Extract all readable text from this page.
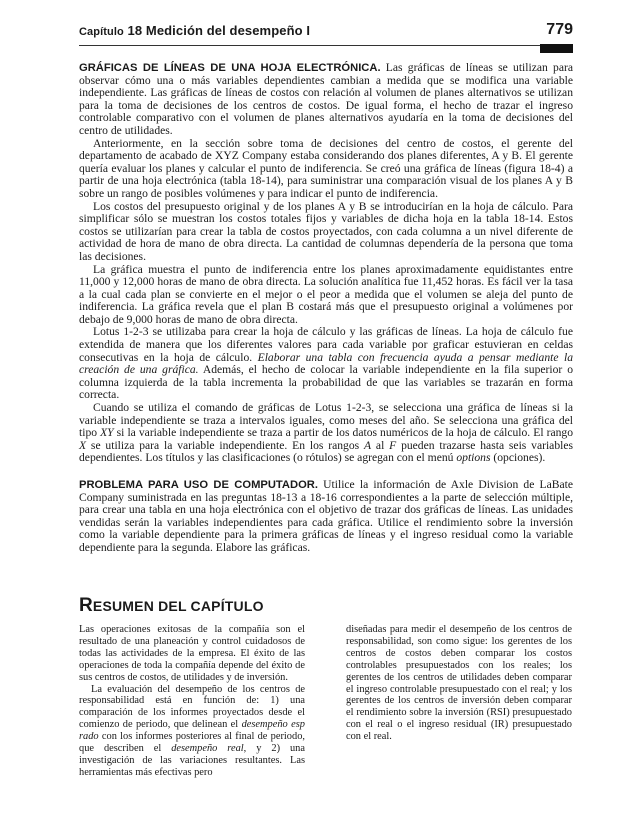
Capítulo 18 Medición del desempeño I	779

GRÁFICAS DE LÍNEAS DE UNA HOJA ELECTRÓNICA. Las gráficas de líneas se utilizan para observar cómo una o más variables dependientes cambian a medida que se modifica una variable independiente. Las gráficas de líneas de costos con relación al volumen de planes alternativos se utilizan para la toma de decisiones de los centros de costos. De igual forma, el hecho de trazar el ingreso controlable comparativo con el volumen de planes alternativos ayudaría en la toma de decisiones del centro de utilidades.

Anteriormente, en la sección sobre toma de decisiones del centro de costos, el gerente del departamento de acabado de XYZ Company estaba considerando dos planes diferentes, A y B. El gerente quería evaluar los planes y calcular el punto de indiferencia. Se creó una gráfica de líneas (figura 18-4) a partir de una hoja electrónica (tabla 18-14), para suministrar una comparación visual de los planes A y B sobre un rango de posibles volúmenes y para indicar el punto de indiferencia.

Los costos del presupuesto original y de los planes A y B se introducirían en la hoja de cálculo. Para simplificar sólo se muestran los costos totales fijos y variables de dicha hoja en la tabla 18-14. Estos costos se utilizarían para crear la tabla de costos proyectados, con cada columna a un nivel diferente de actividad de hora de mano de obra directa. La cantidad de columnas dependería de la persona que toma las decisiones.

La gráfica muestra el punto de indiferencia entre los planes aproximadamente equidistantes entre 11,000 y 12,000 horas de mano de obra directa. La solución analítica fue 11,452 horas. Es fácil ver la tasa a la cual cada plan se convierte en el mejor o el peor a medida que el volumen se aleja del punto de indiferencia. La gráfica revela que el plan B costará más que el presupuesto original a volúmenes por debajo de 9,000 horas de mano de obra directa.

Lotus 1-2-3 se utilizaba para crear la hoja de cálculo y las gráficas de líneas. La hoja de cálculo fue extendida de manera que los diferentes valores para cada variable por graficar estuvieran en celdas consecutivas en la hoja de cálculo. Elaborar una tabla con frecuencia ayuda a pensar mediante la creación de una gráfica. Además, el hecho de colocar la variable independiente en la fila superior o columna izquierda de la tabla incrementa la probabilidad de que las variables se trazarán en forma correcta.

Cuando se utiliza el comando de gráficas de Lotus 1-2-3, se selecciona una gráfica de líneas si la variable independiente se traza a intervalos iguales, como meses del año. Se selecciona una gráfica del tipo XY si la variable independiente se traza a partir de los datos numéricos de la hoja de cálculo. El rango X se utiliza para la variable independiente. En los rangos A al F pueden trazarse hasta seis variables dependientes. Los títulos y las clasificaciones (o rótulos) se agregan con el menú options (opciones).

PROBLEMA PARA USO DE COMPUTADOR. Utilice la información de Axle Division de LaBate Company suministrada en las preguntas 18-13 a 18-16 correspondientes a la parte de selección múltiple, para crear una tabla en una hoja electrónica con el objetivo de trazar dos gráficas de líneas. Las unidades vendidas serán la variables independientes para cada gráfica. Utilice el rendimiento sobre la inversión como la variable dependiente para la primera gráficas de líneas y el ingreso residual como la variable dependiente para la segunda. Elabore las gráficas.

RESUMEN DEL CAPÍTULO

Las operaciones exitosas de la compañía son el resultado de una planeación y control cuidadosos de todas las actividades de la empresa. El éxito de las operaciones de toda la compañía depende del éxito de sus centros de costos, de utilidades y de inversión.

La evaluación del desempeño de los centros de responsabilidad está en función de: 1) una comparación de los informes proyectados desde el comienzo de periodo, que delinean el desempeño esp rado con los informes posteriores al final de periodo, que describen el desempeño real, y 2) una investigación de las variaciones resultantes. Las herramientas más efectivas pero

diseñadas para medir el desempeño de los centros de responsabilidad, son como sigue: los gerentes de los centros de costos deben comparar los costos controlables presupuestados con los reales; los gerentes de los centros de utilidades deben comparar el ingreso controlable presupuestado con el real; y los gerentes de los centros de inversión deben comparar el rendimiento sobre la inversión (RSI) presupuestado con el real o el ingreso residual (IR) presupuestado con el real.
